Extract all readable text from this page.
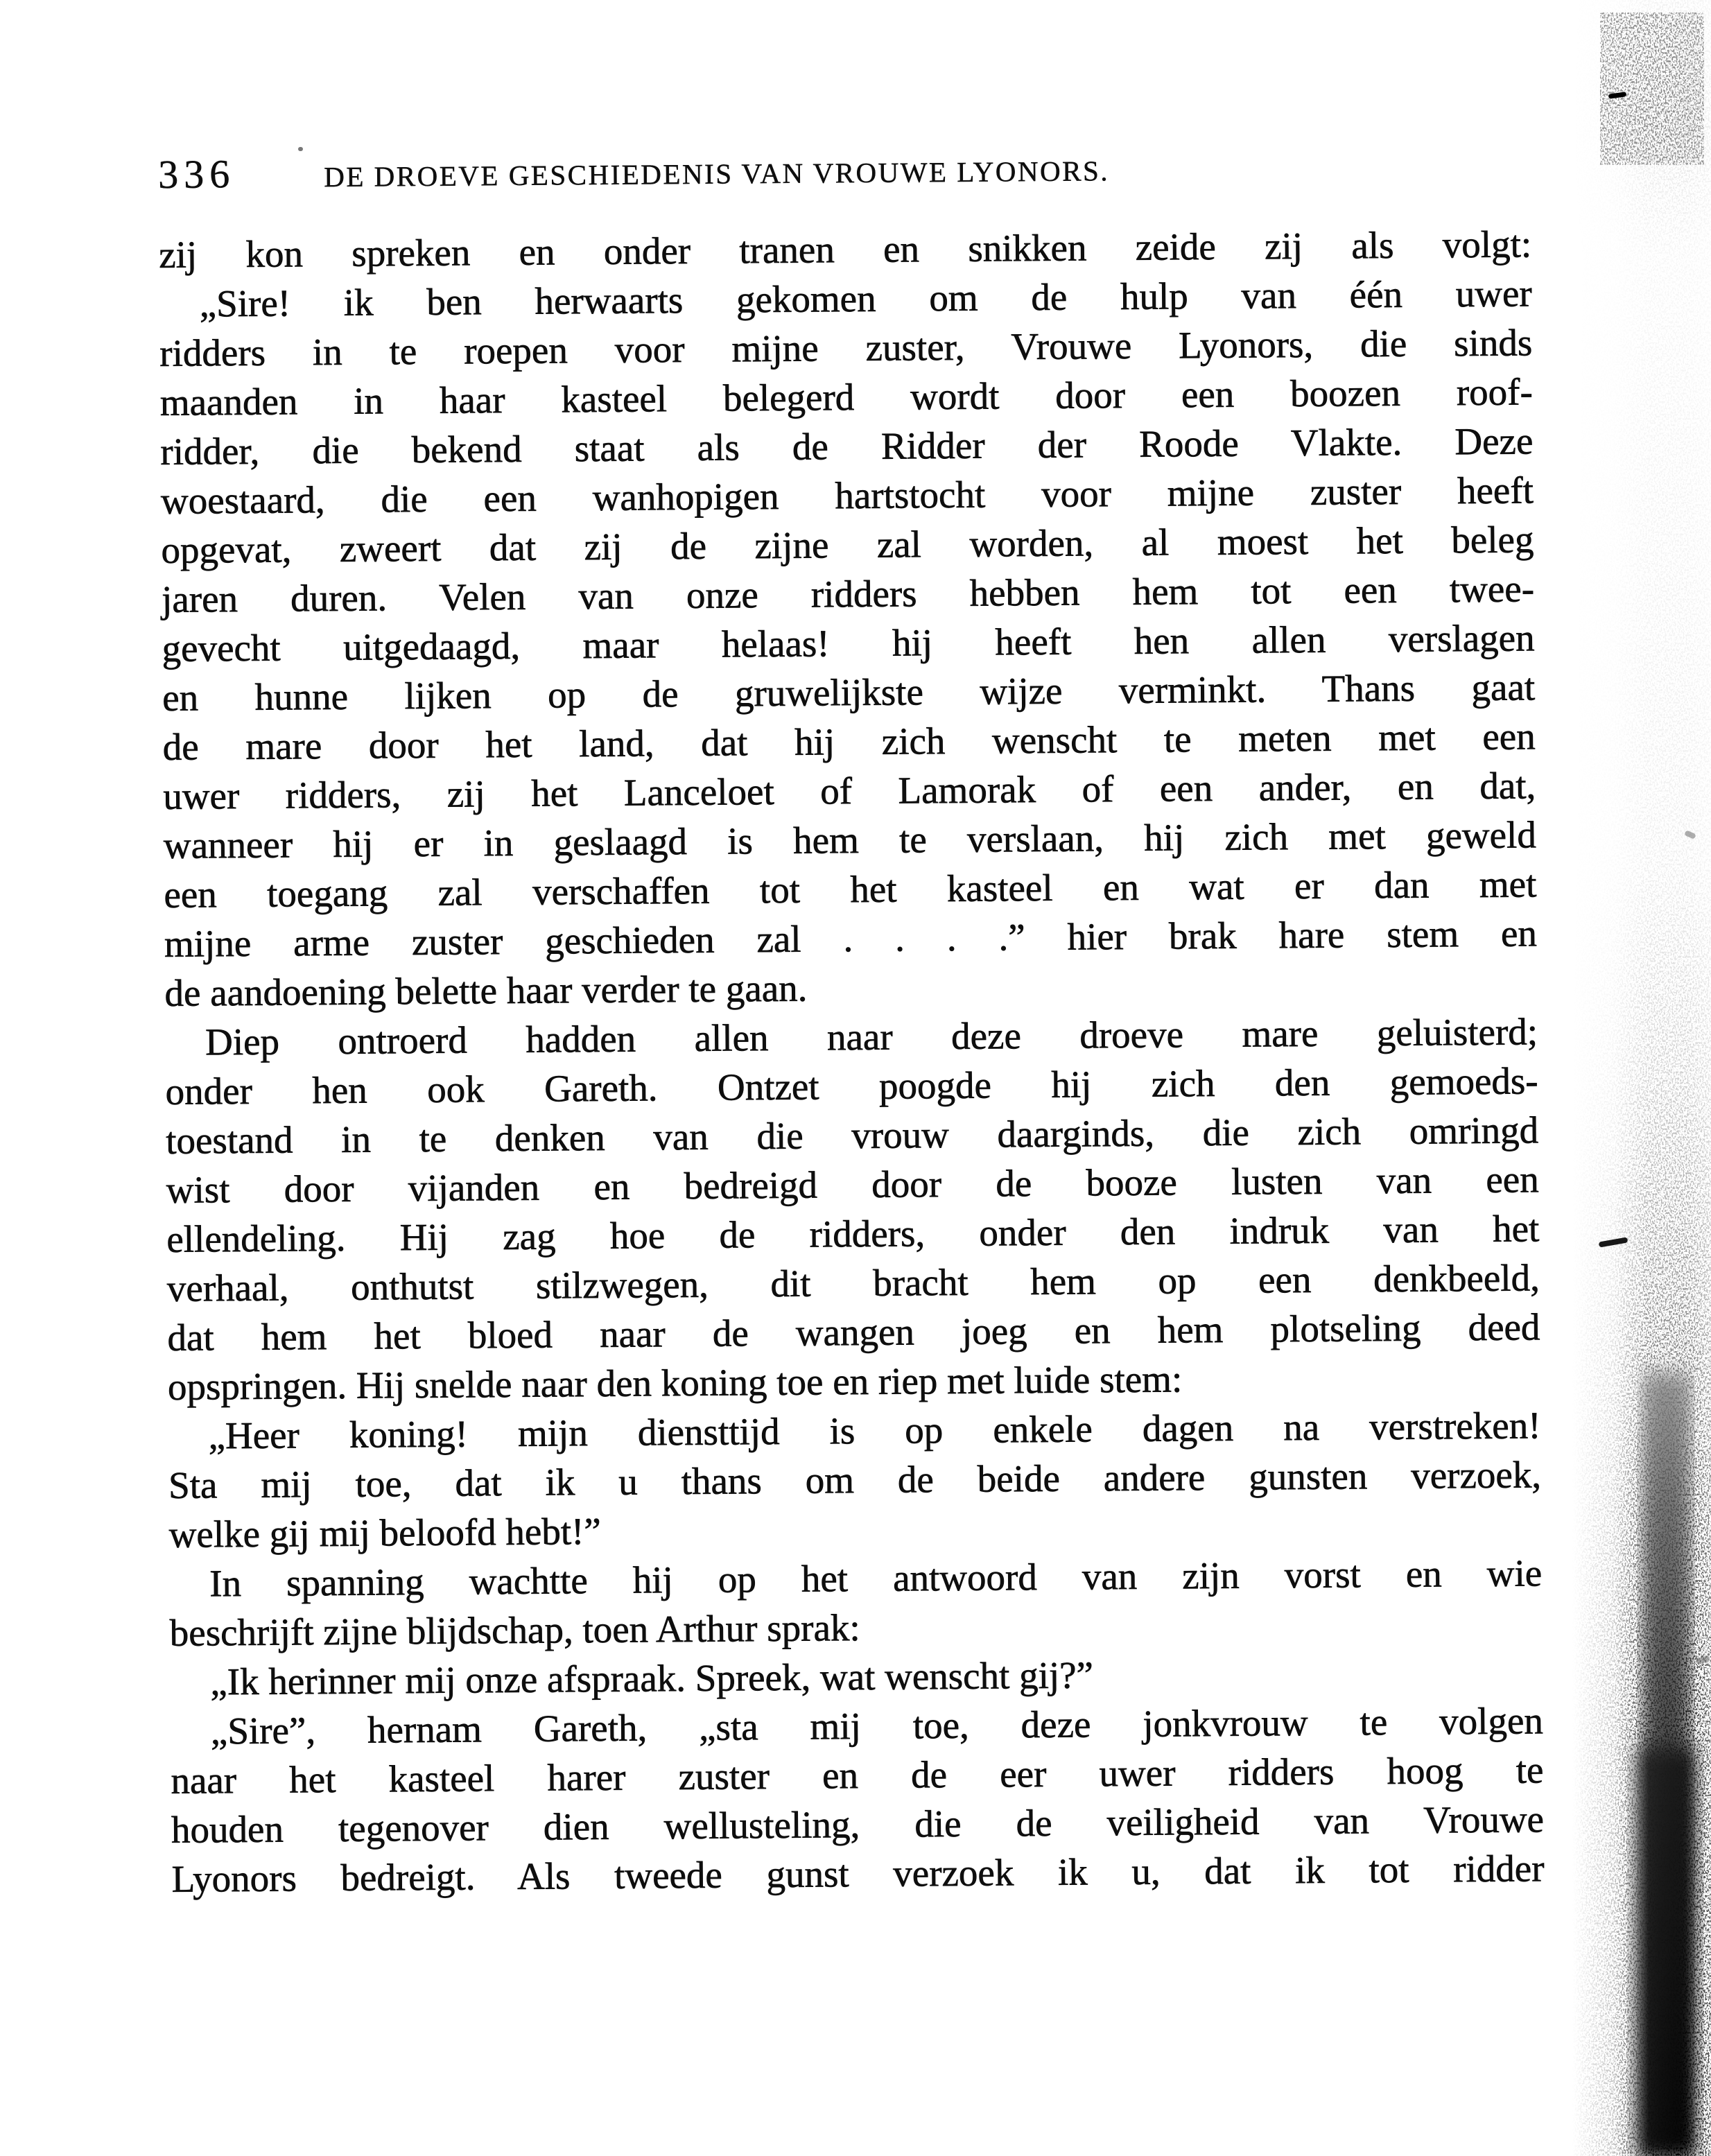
336	DE DROEVE GESCHIEDENIS VAN VROUWE LYONORS.
zij kon spreken en onder tranen en snikken zeide zij als volgt:
„Sire! ik ben herwaarts gekomen om de hulp van één uwer
ridders in te roepen voor mijne zuster, Vrouwe Lyonors, die sinds
maanden in haar kasteel belegerd wordt door een boozen roof-
ridder, die bekend staat als de Ridder der Roode Vlakte. Deze
woestaard, die een wanhopigen hartstocht voor mijne zuster heeft
opgevat, zweert dat zij de zijne zal worden, al moest het beleg
jaren duren. Velen van onze ridders hebben hem tot een twee-
gevecht uitgedaagd, maar helaas! hij heeft hen allen verslagen
en hunne lijken op de gruwelijkste wijze verminkt. Thans gaat
de mare door het land, dat hij zich wenscht te meten met een
uwer ridders, zij het Lanceloet of Lamorak of een ander, en dat,
wanneer hij er in geslaagd is hem te verslaan, hij zich met geweld
een toegang zal verschaffen tot het kasteel en wat er dan met
mijne arme zuster geschieden zal . . . .” hier brak hare stem en
de aandoening belette haar verder te gaan.
Diep ontroerd hadden allen naar deze droeve mare geluisterd;
onder hen ook Gareth. Ontzet poogde hij zich den gemoeds-
toestand in te denken van die vrouw daarginds, die zich omringd
wist door vijanden en bedreigd door de booze lusten van een
ellendeling. Hij zag hoe de ridders, onder den indruk van het
verhaal, onthutst stilzwegen, dit bracht hem op een denkbeeld,
dat hem het bloed naar de wangen joeg en hem plotseling deed
opspringen. Hij snelde naar den koning toe en riep met luide stem:
„Heer koning! mijn diensttijd is op enkele dagen na verstreken!
Sta mij toe, dat ik u thans om de beide andere gunsten verzoek,
welke gij mij beloofd hebt!”
In spanning wachtte hij op het antwoord van zijn vorst en wie
beschrijft zijne blijdschap, toen Arthur sprak:
„Ik herinner mij onze afspraak. Spreek, wat wenscht gij?”
„Sire”, hernam Gareth, „sta mij toe, deze jonkvrouw te volgen
naar het kasteel harer zuster en de eer uwer ridders hoog te
houden tegenover dien wellusteling, die de veiligheid van Vrouwe
Lyonors bedreigt. Als tweede gunst verzoek ik u, dat ik tot ridder
